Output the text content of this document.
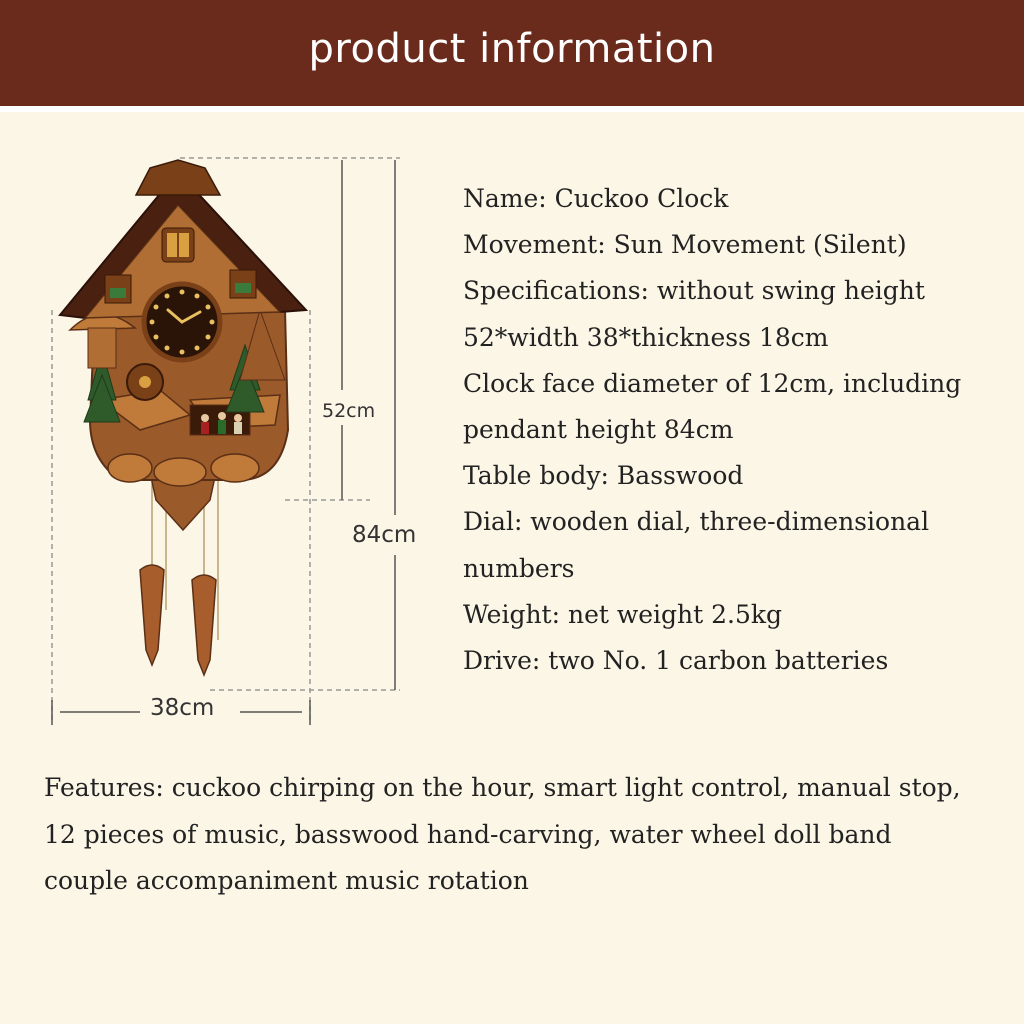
product information
52cm
84cm
38cm
Name: Cuckoo Clock
Movement: Sun Movement (Silent)
Specifications: without swing height
52*width 38*thickness 18cm
Clock face diameter of 12cm, including
pendant height 84cm
Table body: Basswood
Dial: wooden dial, three-dimensional
numbers
Weight: net weight 2.5kg
Drive: two No. 1 carbon batteries
Features: cuckoo chirping on the hour, smart light control, manual stop,
12 pieces of music, basswood hand-carving, water wheel doll band
couple accompaniment music rotation
